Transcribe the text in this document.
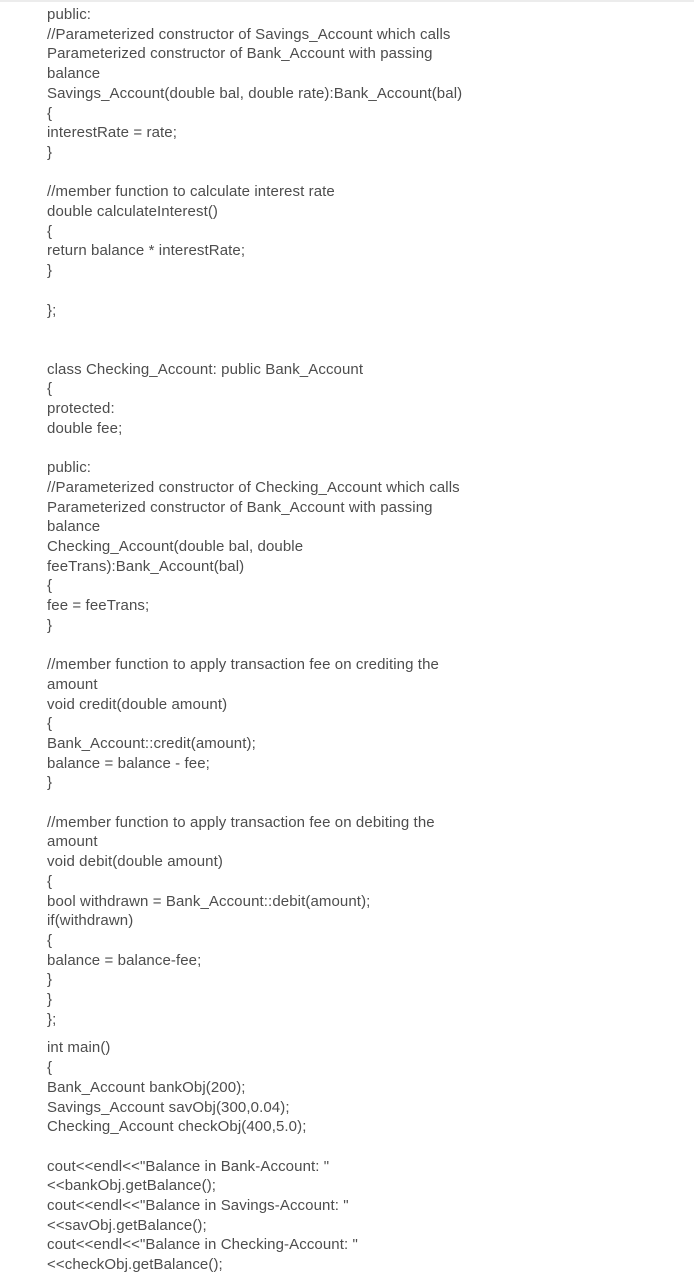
public:
//Parameterized constructor of Savings_Account which calls
Parameterized constructor of Bank_Account with passing
balance
Savings_Account(double bal, double rate):Bank_Account(bal)
{
interestRate = rate;
}
//member function to calculate interest rate
double calculateInterest()
{
return balance * interestRate;
}
};
class Checking_Account: public Bank_Account
{
protected:
double fee;
public:
//Parameterized constructor of Checking_Account which calls
Parameterized constructor of Bank_Account with passing
balance
Checking_Account(double bal, double
feeTrans):Bank_Account(bal)
{
fee = feeTrans;
}
//member function to apply transaction fee on crediting the
amount
void credit(double amount)
{
Bank_Account::credit(amount);
balance = balance - fee;
}
//member function to apply transaction fee on debiting the
amount
void debit(double amount)
{
bool withdrawn = Bank_Account::debit(amount);
if(withdrawn)
{
balance = balance-fee;
}
}
};
int main()
{
Bank_Account bankObj(200);
Savings_Account savObj(300,0.04);
Checking_Account checkObj(400,5.0);
cout<<endl<<"Balance in Bank-Account: "
<<bankObj.getBalance();
cout<<endl<<"Balance in Savings-Account: "
<<savObj.getBalance();
cout<<endl<<"Balance in Checking-Account: "
<<checkObj.getBalance();
